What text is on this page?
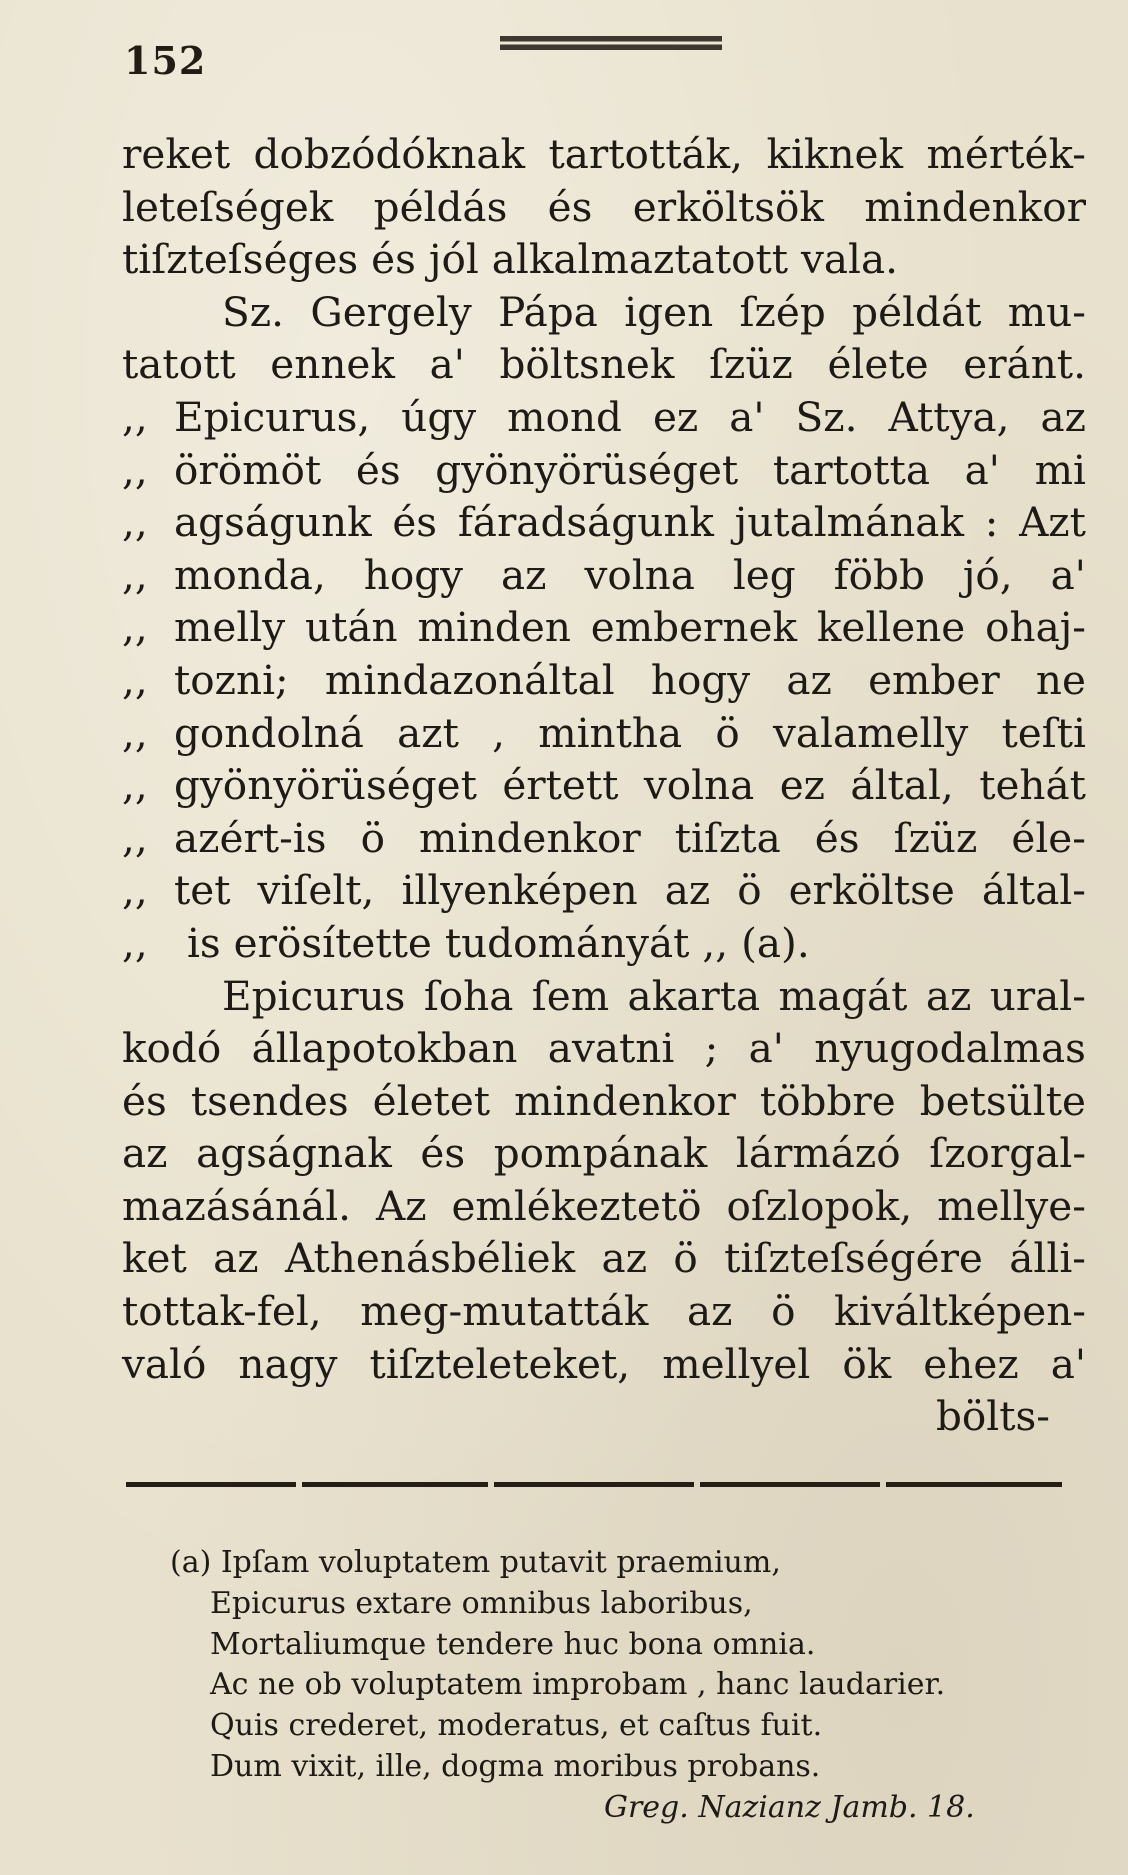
152
reket dobzódóknak tartották, kiknek mérték-
leteſségek példás és erköltsök mindenkor
tiſzteſséges és jól alkalmaztatott vala.
Sz. Gergely Pápa igen ſzép példát mu-
tatott ennek a' böltsnek ſzüz élete eránt.
,, Epicurus, úgy mond ez a' Sz. Attya, az
,, örömöt és gyönyörüséget tartotta a' mi
,, agságunk és fáradságunk jutalmának : Azt
,, monda, hogy az volna leg föbb jó, a'
,, melly után minden embernek kellene ohaj-
,, tozni; mindazonáltal hogy az ember ne
,, gondolná azt , mintha ö valamelly teſti
,, gyönyörüséget értett volna ez által, tehát
,, azért-is ö mindenkor tiſzta és ſzüz éle-
,, tet viſelt, illyenképen az ö erköltse által-
,, is erösítette tudományát ,, (a).
Epicurus ſoha ſem akarta magát az ural-
kodó állapotokban avatni ; a' nyugodalmas
és tsendes életet mindenkor többre betsülte
az agságnak és pompának lármázó ſzorgal-
mazásánál. Az emlékeztetö oſzlopok, mellye-
ket az Athenásbéliek az ö tiſzteſségére álli-
tottak-fel, meg-mutatták az ö kiváltképen-
való nagy tiſzteleteket, mellyel ök ehez a'
bölts-
(a) Ipſam voluptatem putavit praemium,
Epicurus extare omnibus laboribus,
Mortaliumque tendere huc bona omnia.
Ac ne ob voluptatem improbam , hanc laudarier.
Quis crederet, moderatus, et caſtus fuit.
Dum vixit, ille, dogma moribus probans.
Greg. Nazianz Jamb. 18.
